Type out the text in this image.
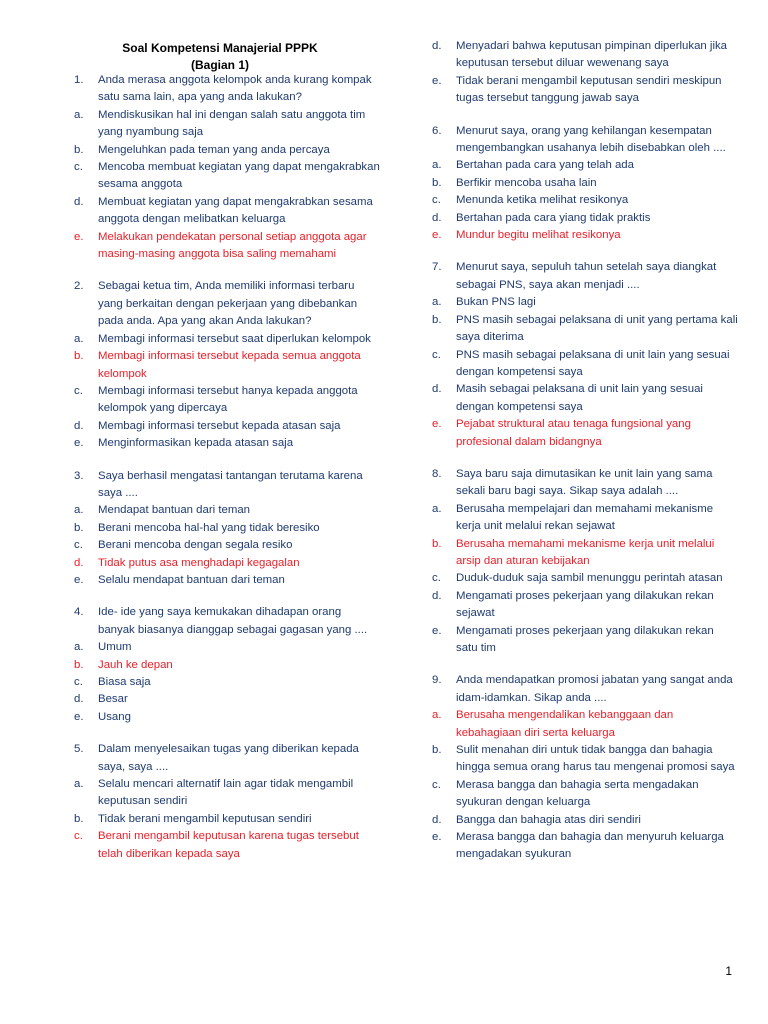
Soal Kompetensi Manajerial PPPK
(Bagian 1)
1. Anda merasa anggota kelompok anda kurang kompak satu sama lain, apa yang anda lakukan?
a. Mendiskusikan hal ini dengan salah satu anggota tim yang nyambung saja
b. Mengeluhkan pada teman yang anda percaya
c. Mencoba membuat kegiatan yang dapat mengakrabkan sesama anggota
d. Membuat kegiatan yang dapat mengakrabkan sesama anggota dengan melibatkan keluarga
e. Melakukan pendekatan personal setiap anggota agar masing-masing anggota bisa saling memahami
2. Sebagai ketua tim, Anda memiliki informasi terbaru yang berkaitan dengan pekerjaan yang dibebankan pada anda. Apa yang akan Anda lakukan?
a. Membagi informasi tersebut saat diperlukan kelompok
b. Membagi informasi tersebut kepada semua anggota kelompok
c. Membagi informasi tersebut hanya kepada anggota kelompok yang dipercaya
d. Membagi informasi tersebut kepada atasan saja
e. Menginformasikan kepada atasan saja
3. Saya berhasil mengatasi tantangan terutama karena saya ....
a. Mendapat bantuan dari teman
b. Berani mencoba hal-hal yang tidak beresiko
c. Berani mencoba dengan segala resiko
d. Tidak putus asa menghadapi kegagalan
e. Selalu mendapat bantuan dari teman
4. Ide- ide yang saya kemukakan dihadapan orang banyak biasanya dianggap sebagai gagasan yang ....
a. Umum
b. Jauh ke depan
c. Biasa saja
d. Besar
e. Usang
5. Dalam menyelesaikan tugas yang diberikan kepada saya, saya ....
a. Selalu mencari alternatif lain agar tidak mengambil keputusan sendiri
b. Tidak berani mengambil keputusan sendiri
c. Berani mengambil keputusan karena tugas tersebut telah diberikan kepada saya
d. Menyadari bahwa keputusan pimpinan diperlukan jika keputusan tersebut diluar wewenang saya
e. Tidak berani mengambil keputusan sendiri meskipun tugas tersebut tanggung jawab saya
6. Menurut saya, orang yang kehilangan kesempatan mengembangkan usahanya lebih disebabkan oleh ....
a. Bertahan pada cara yang telah ada
b. Berfikir mencoba usaha lain
c. Menunda ketika melihat resikonya
d. Bertahan pada cara yiang tidak praktis
e. Mundur begitu melihat resikonya
7. Menurut saya, sepuluh tahun setelah saya diangkat sebagai PNS, saya akan menjadi ....
a. Bukan PNS lagi
b. PNS masih sebagai pelaksana di unit yang pertama kali saya diterima
c. PNS masih sebagai pelaksana di unit lain yang sesuai dengan kompetensi saya
d. Masih sebagai pelaksana di unit lain yang sesuai dengan kompetensi saya
e. Pejabat struktural atau tenaga fungsional yang profesional dalam bidangnya
8. Saya baru saja dimutasikan ke unit lain yang sama sekali baru bagi saya. Sikap saya adalah ....
a. Berusaha mempelajari dan memahami mekanisme kerja unit melalui rekan sejawat
b. Berusaha memahami mekanisme kerja unit melalui arsip dan aturan kebijakan
c. Duduk-duduk saja sambil menunggu perintah atasan
d. Mengamati proses pekerjaan yang dilakukan rekan sejawat
e. Mengamati proses pekerjaan yang dilakukan rekan satu tim
9. Anda mendapatkan promosi jabatan yang sangat anda idam-idamkan. Sikap anda ....
a. Berusaha mengendalikan kebanggaan dan kebahagiaan diri serta keluarga
b. Sulit menahan diri untuk tidak bangga dan bahagia hingga semua orang harus tau mengenai promosi saya
c. Merasa bangga dan bahagia serta mengadakan syukuran dengan keluarga
d. Bangga dan bahagia atas diri sendiri
e. Merasa bangga dan bahagia dan menyuruh keluarga mengadakan syukuran
1
